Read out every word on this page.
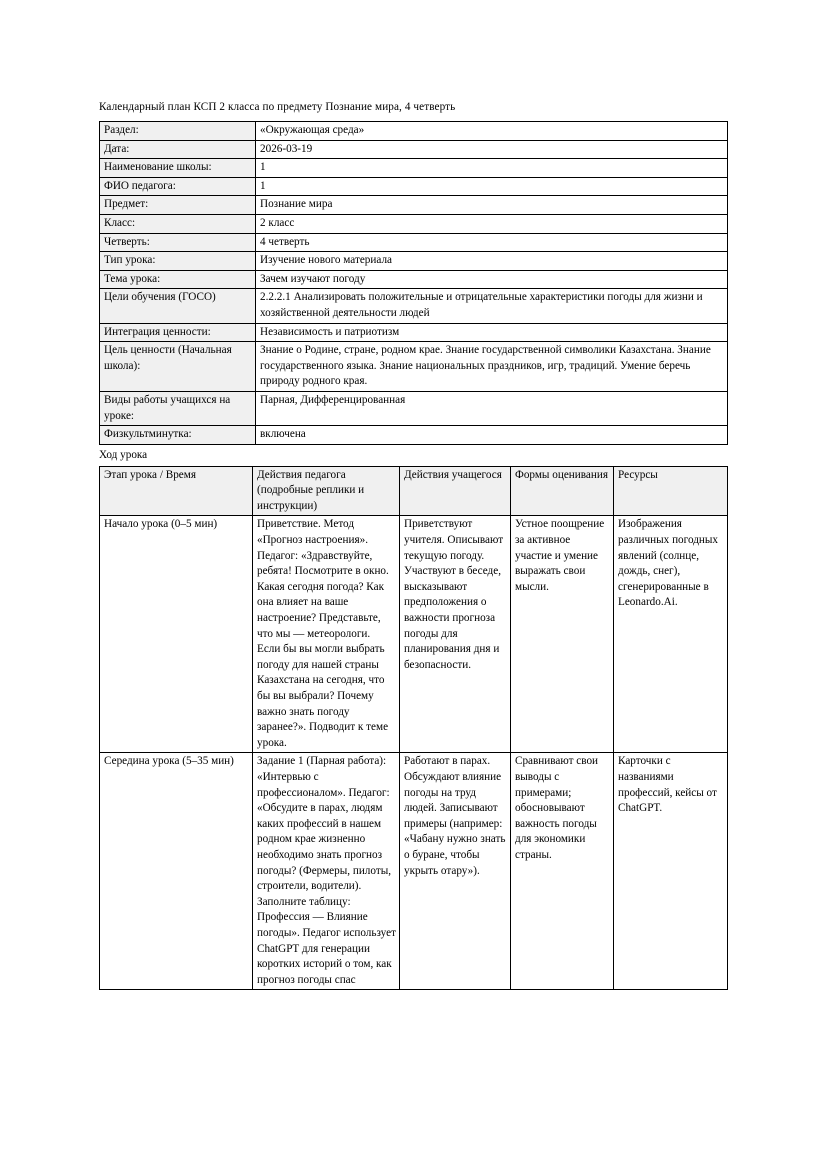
Календарный план КСП 2 класса по предмету Познание мира, 4 четверть
Раздел:	«Окружающая среда»
Дата:	2026-03-19
Наименование школы:	1
ФИО педагога:	1
Предмет:	Познание мира
Класс:	2 класс
Четверть:	4 четверть
Тип урока:	Изучение нового материала
Тема урока:	Зачем изучают погоду
Цели обучения (ГОСО)	2.2.2.1 Анализировать положительные и отрицательные характеристики погоды для жизни и хозяйственной деятельности людей
Интеграция ценности:	Независимость и патриотизм
Цель ценности (Начальная школа):	Знание о Родине, стране, родном крае. Знание государственной символики Казахстана. Знание государственного языка. Знание национальных праздников, игр, традиций. Умение беречь природу родного края.
Виды работы учащихся на уроке:	Парная, Дифференцированная
Физкультминутка:	включена
Ход урока
Этап урока / Время	Действия педагога (подробные реплики и инструкции)	Действия учащегося	Формы оценивания	Ресурсы
Начало урока (0–5 мин)	Приветствие. Метод «Прогноз настроения». Педагог: «Здравствуйте, ребята! Посмотрите в окно. Какая сегодня погода? Как она влияет на ваше настроение? Представьте, что мы — метеорологи. Если бы вы могли выбрать погоду для нашей страны Казахстана на сегодня, что бы вы выбрали? Почему важно знать погоду заранее?». Подводит к теме урока.	Приветствуют учителя. Описывают текущую погоду. Участвуют в беседе, высказывают предположения о важности прогноза погоды для планирования дня и безопасности.	Устное поощрение за активное участие и умение выражать свои мысли.	Изображения различных погодных явлений (солнце, дождь, снег), сгенерированные в Leonardo.Ai.
Середина урока (5–35 мин)	Задание 1 (Парная работа): «Интервью с профессионалом». Педагог: «Обсудите в парах, людям каких профессий в нашем родном крае жизненно необходимо знать прогноз погоды? (Фермеры, пилоты, строители, водители). Заполните таблицу: Профессия — Влияние погоды». Педагог использует ChatGPT для генерации коротких историй о том, как прогноз погоды спас	Работают в парах. Обсуждают влияние погоды на труд людей. Записывают примеры (например: «Чабану нужно знать о буране, чтобы укрыть отару»).	Сравнивают свои выводы с примерами; обосновывают важность погоды для экономики страны.	Карточки с названиями профессий, кейсы от ChatGPT.
